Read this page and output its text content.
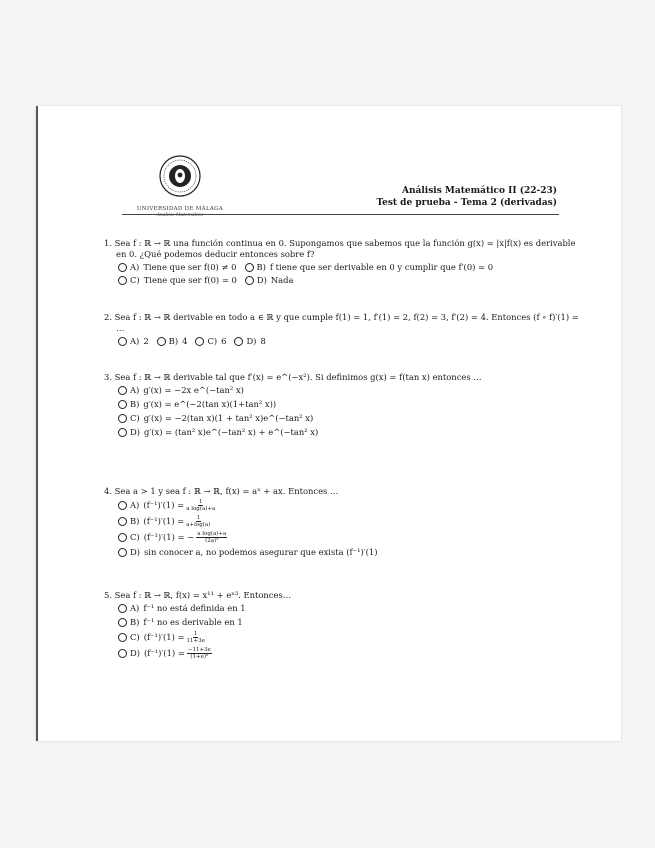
UNIVERSIDAD DE MÁLAGA
Análisis Matemático
Análisis Matemático II (22-23)
Test de prueba - Tema 2 (derivadas)
1. Sea f : ℝ → ℝ una función continua en 0. Supongamos que sabemos que la función g(x) = |x|f(x) es derivable en 0. ¿Qué podemos deducir entonces sobre f?
A) Tiene que ser f(0) ≠ 0 B) f tiene que ser derivable en 0 y cumplir que f′(0) = 0
C) Tiene que ser f(0) = 0 D) Nada
2. Sea f : ℝ → ℝ derivable en todo a ∈ ℝ y que cumple f(1) = 1, f′(1) = 2, f(2) = 3, f′(2) = 4. Entonces (f ∘ f)′(1) = …
A) 2 B) 4 C) 6 D) 8
3. Sea f : ℝ → ℝ derivable tal que f′(x) = e^(−x²). Si definimos g(x) = f(tan x) entonces …
A) g′(x) = −2x e^(−tan² x)
B) g′(x) = e^(−2(tan x)(1+tan² x))
C) g′(x) = −2(tan x)(1 + tan² x)e^(−tan² x)
D) g′(x) = (tan² x)e^(−tan² x) + e^(−tan² x)
4. Sea a > 1 y sea f : ℝ → ℝ, f(x) = aˣ + ax. Entonces …
A) $(f^{-1})'(1) = \frac{1}{\text{a log(a)+a}}$
B) $(f^{-1})'(1) = \frac{1}{a+\log(a)}$
C) (f⁻¹)′(1) = − $\frac{\text{a log(a)+a}}{\text{(2a)²}}$
D) sin conocer a, no podemos asegurar que exista (f⁻¹)′(1)
5. Sea f : ℝ → ℝ, f(x) = x¹¹ + eˣ³. Entonces…
A) f⁻¹ no está definida en 1
B) f⁻¹ no es derivable en 1
C) $(f^{-1})'(1) = \frac{1}{11+3e}$
D) $(f^{-1})'(1) = \frac{-11+3e}{\text{(1+e)²}}$
